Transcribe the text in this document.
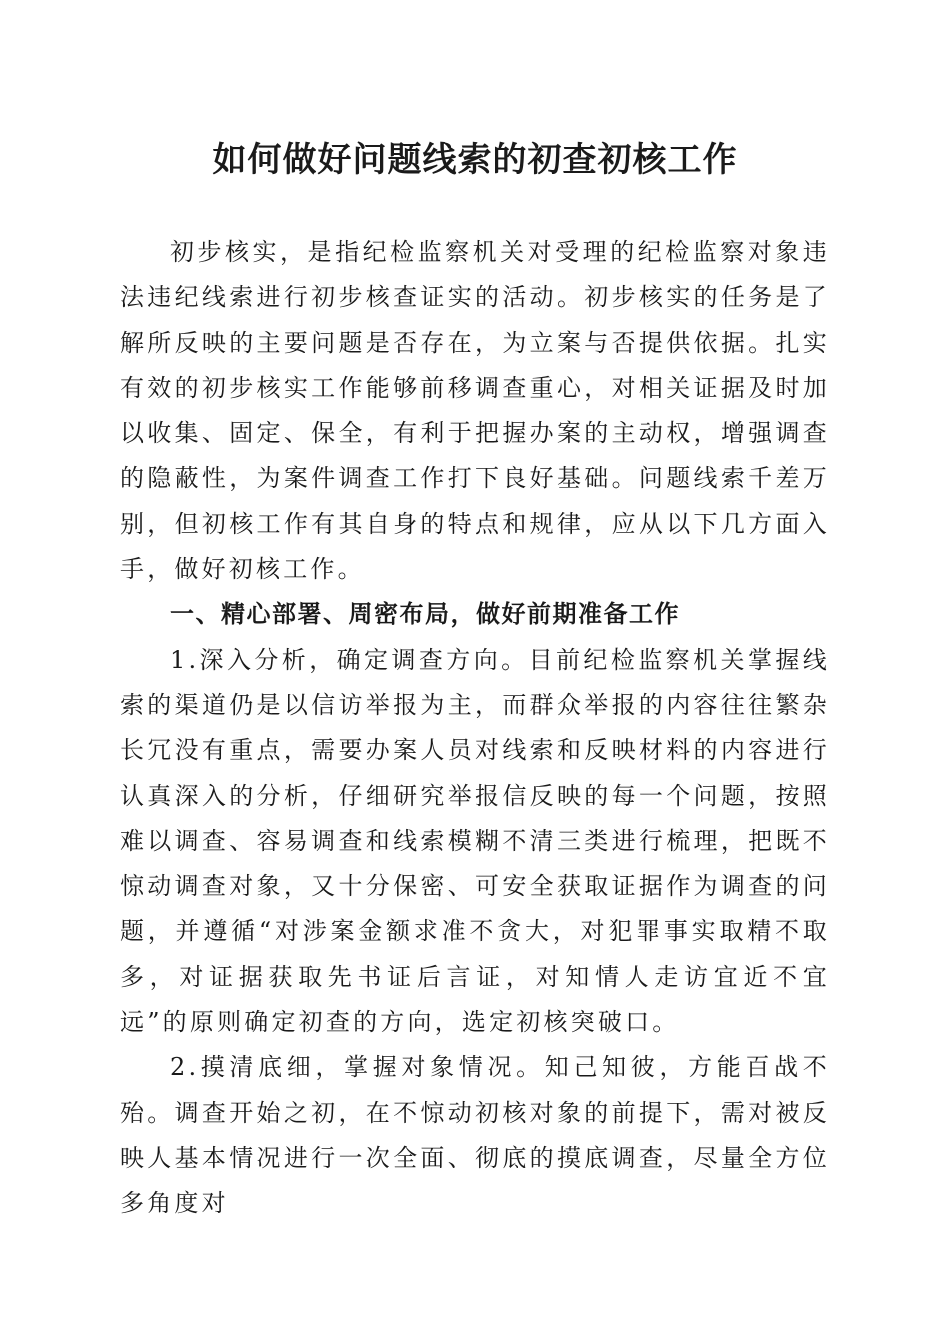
如何做好问题线索的初查初核工作

初步核实，是指纪检监察机关对受理的纪检监察对象违法违纪线索进行初步核查证实的活动。初步核实的任务是了解所反映的主要问题是否存在，为立案与否提供依据。扎实有效的初步核实工作能够前移调查重心，对相关证据及时加以收集、固定、保全，有利于把握办案的主动权，增强调查的隐蔽性，为案件调查工作打下良好基础。问题线索千差万别，但初核工作有其自身的特点和规律，应从以下几方面入手，做好初核工作。

一、精心部署、周密布局，做好前期准备工作

1.深入分析，确定调查方向。目前纪检监察机关掌握线索的渠道仍是以信访举报为主，而群众举报的内容往往繁杂长冗没有重点，需要办案人员对线索和反映材料的内容进行认真深入的分析，仔细研究举报信反映的每一个问题，按照难以调查、容易调查和线索模糊不清三类进行梳理，把既不惊动调查对象，又十分保密、可安全获取证据作为调查的问题，并遵循“对涉案金额求准不贪大，对犯罪事实取精不取多，对证据获取先书证后言证，对知情人走访宜近不宜远”的原则确定初查的方向，选定初核突破口。

2.摸清底细，掌握对象情况。知己知彼，方能百战不殆。调查开始之初，在不惊动初核对象的前提下，需对被反映人基本情况进行一次全面、彻底的摸底调查，尽量全方位多角度对
